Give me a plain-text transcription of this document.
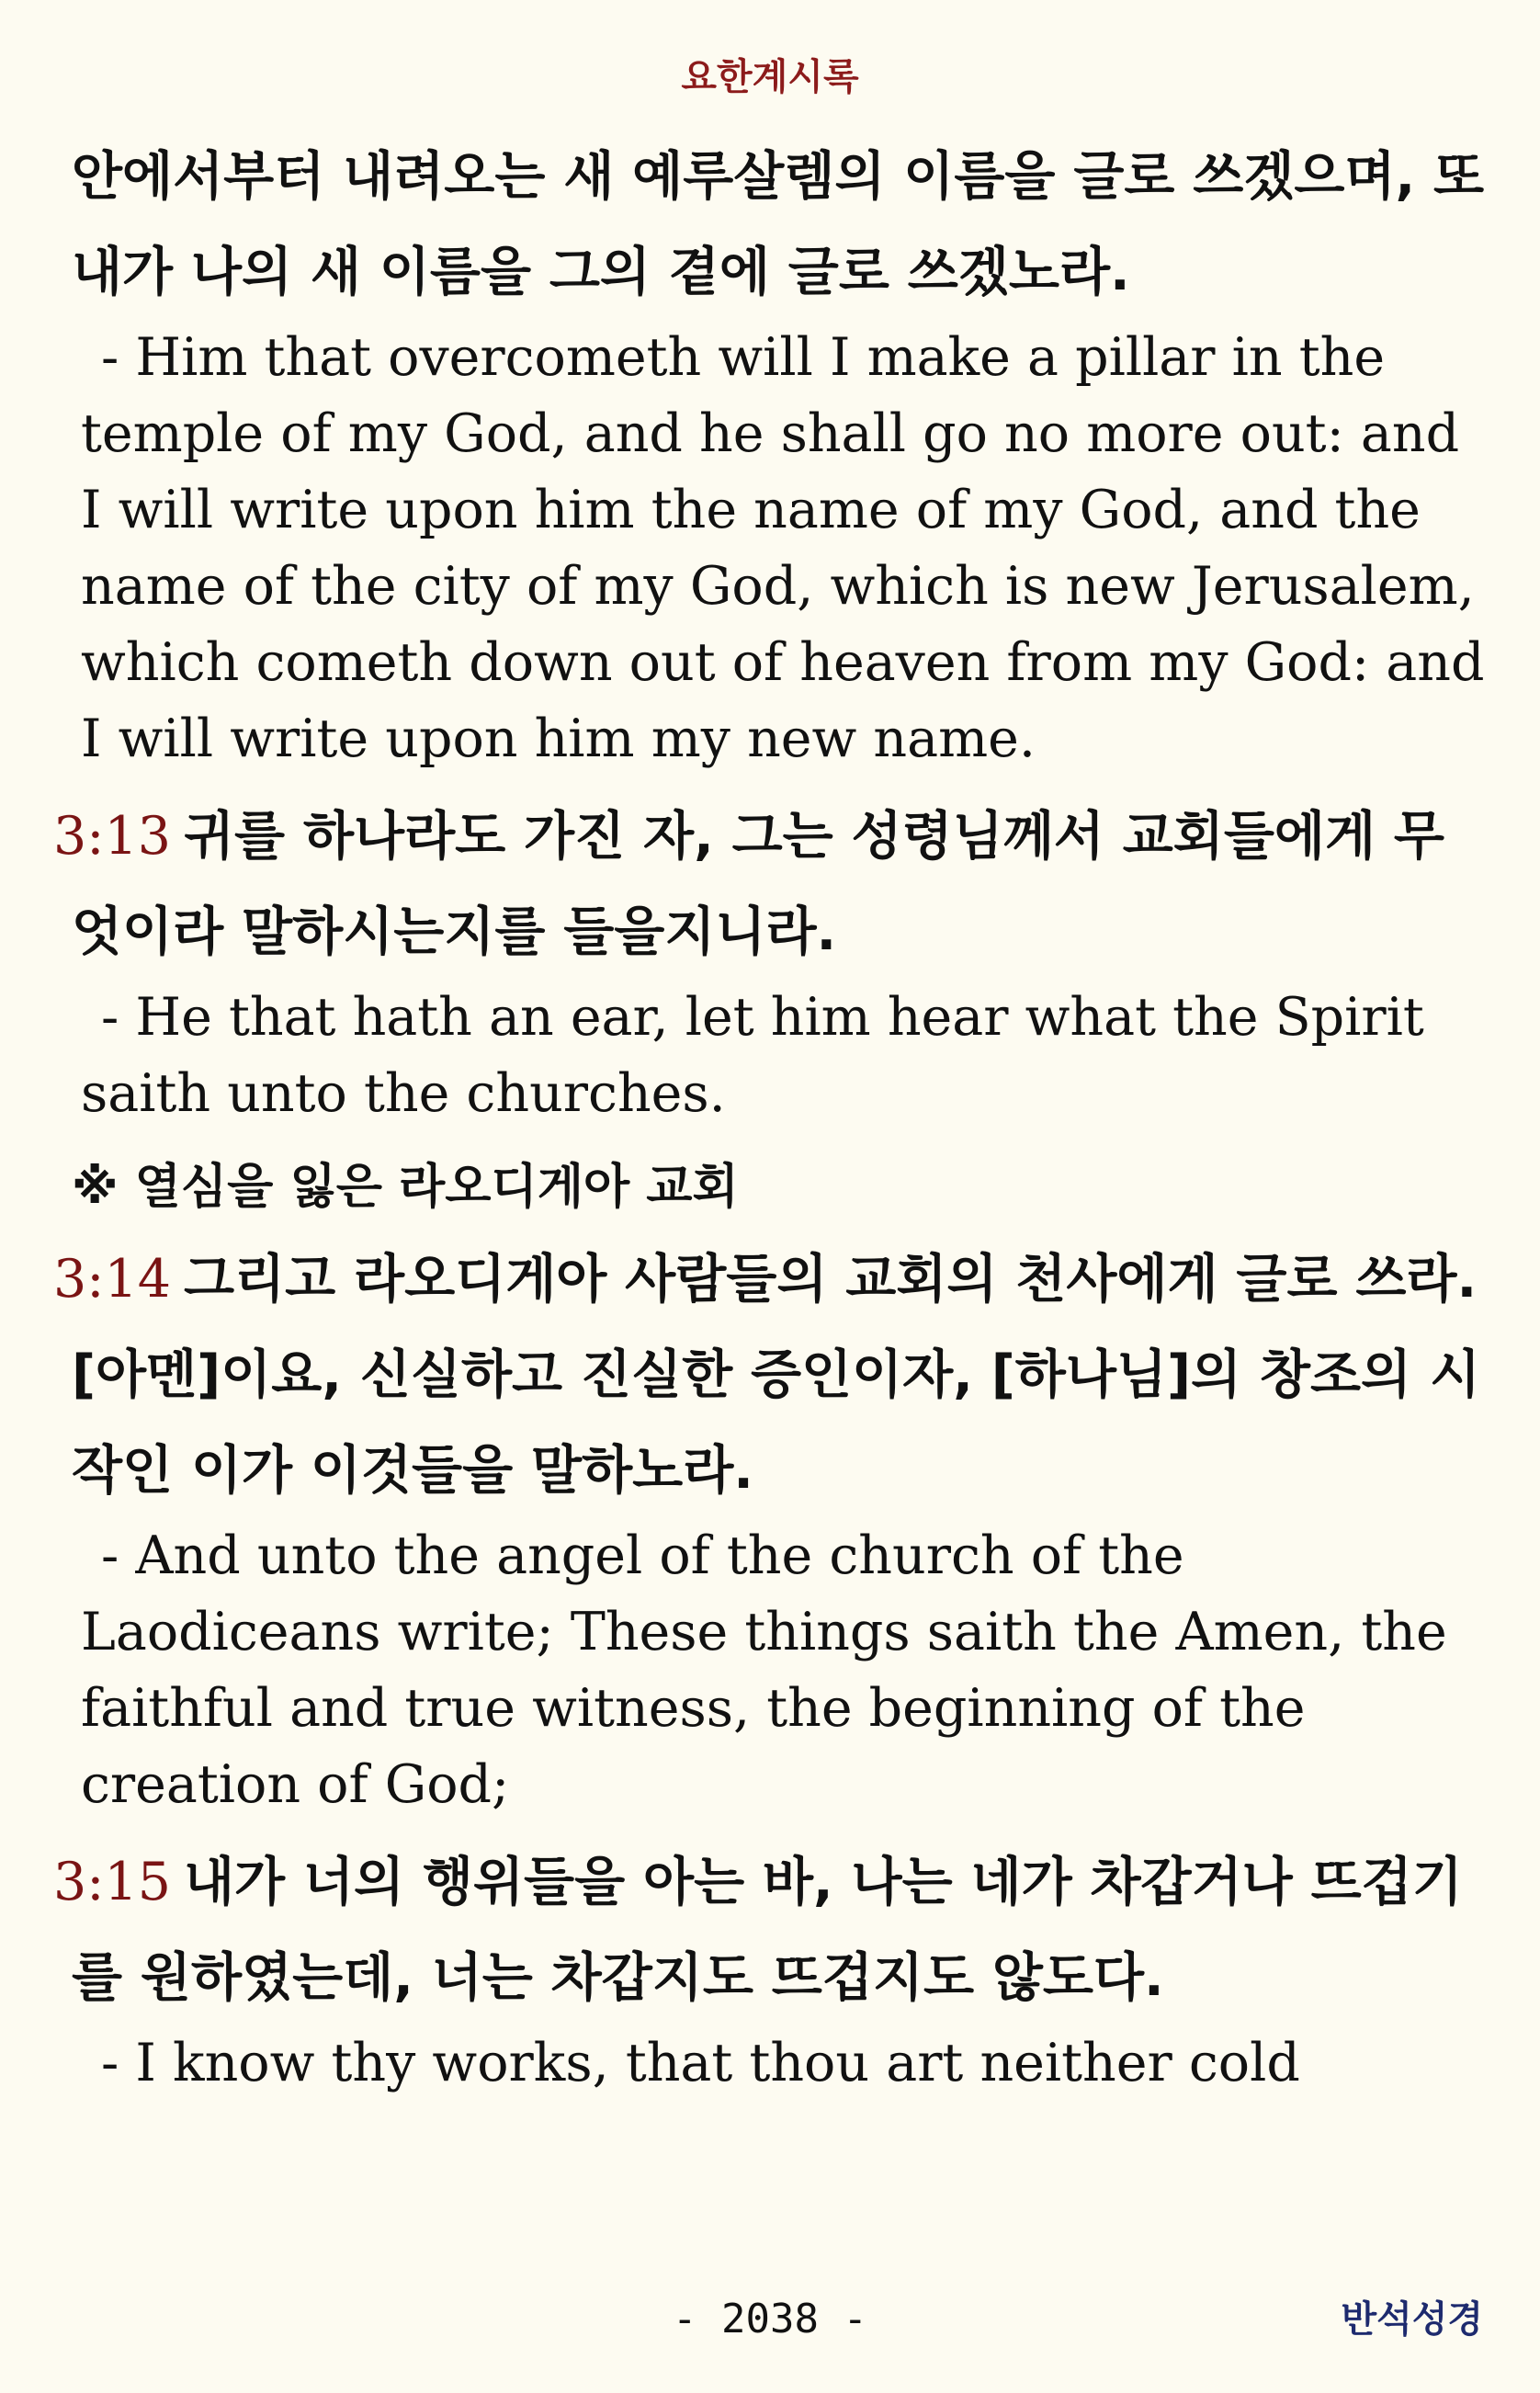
요한계시록

안에서부터 내려오는 새 예루살렘의 이름을 글로 쓰겠으며, 또 내가 나의 새 이름을 그의 곁에 글로 쓰겠노라.

- Him that overcometh will I make a pillar in the temple of my God, and he shall go no more out: and I will write upon him the name of my God, and the name of the city of my God, which is new Jerusalem, which cometh down out of heaven from my God: and I will write upon him my new name.

3:13 귀를 하나라도 가진 자, 그는 성령님께서 교회들에게 무엇이라 말하시는지를 들을지니라.

- He that hath an ear, let him hear what the Spirit saith unto the churches.

※ 열심을 잃은 라오디게아 교회

3:14 그리고 라오디게아 사람들의 교회의 천사에게 글로 쓰라. [아멘]이요, 신실하고 진실한 증인이자, [하나님]의 창조의 시작인 이가 이것들을 말하노라.

- And unto the angel of the church of the Laodiceans write; These things saith the Amen, the faithful and true witness, the beginning of the creation of God;

3:15 내가 너의 행위들을 아는 바, 나는 네가 차갑거나 뜨겁기를 원하였는데, 너는 차갑지도 뜨겁지도 않도다.

- I know thy works, that thou art neither cold

- 2038 -	반석성경
